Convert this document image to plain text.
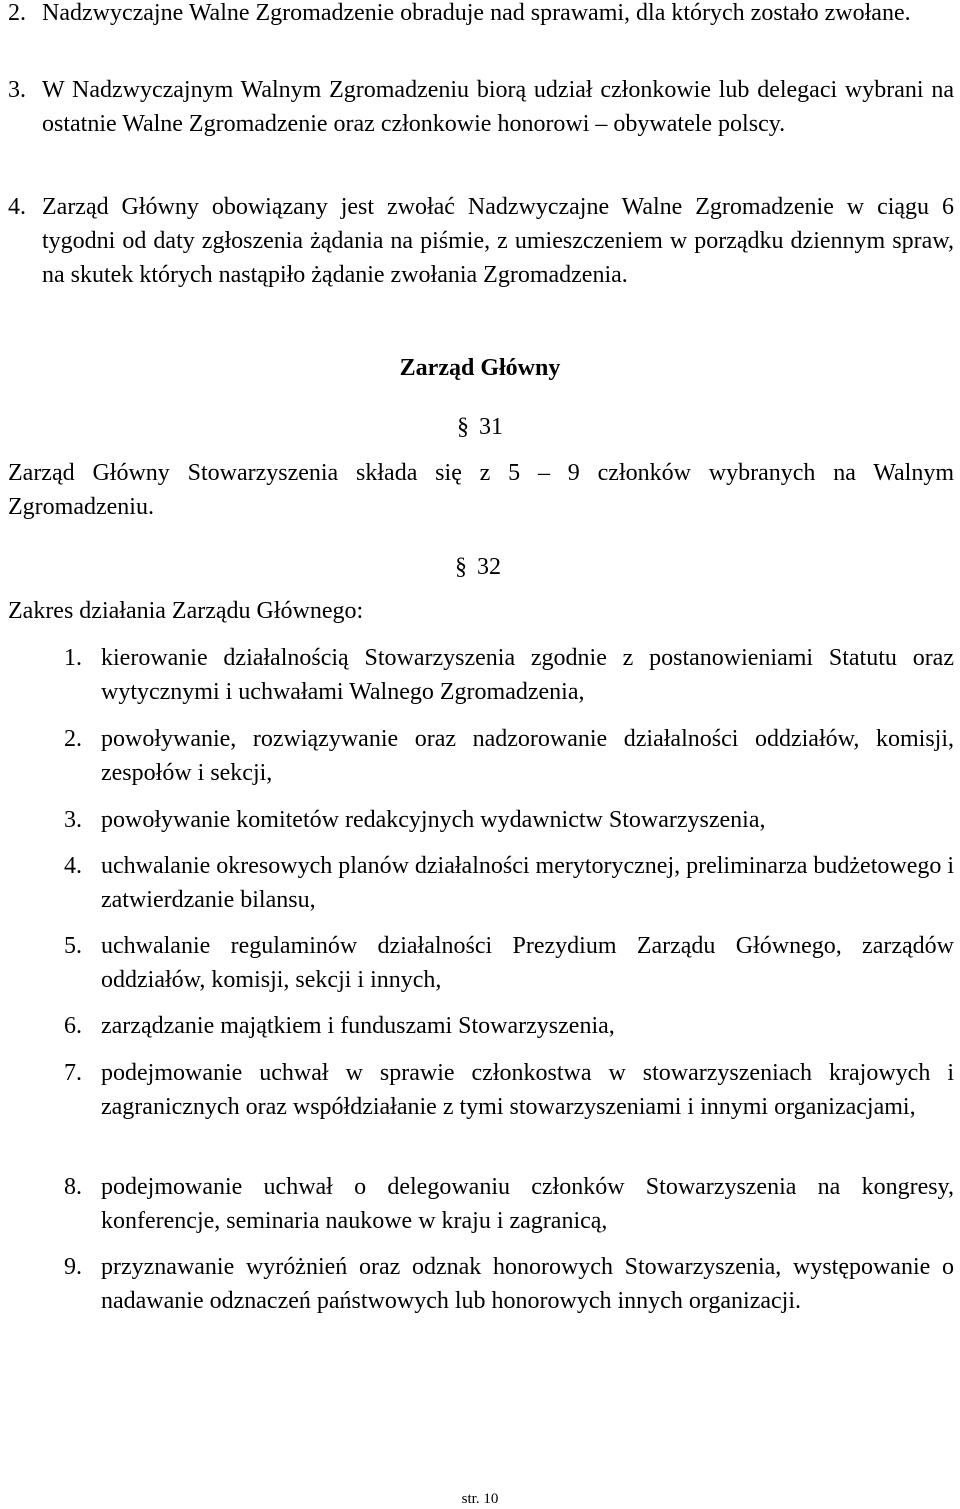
2. Nadzwyczajne Walne Zgromadzenie obraduje nad sprawami, dla których zostało zwołane.
3. W Nadzwyczajnym Walnym Zgromadzeniu biorą udział członkowie lub delegaci wybrani na ostatnie Walne Zgromadzenie oraz członkowie honorowi – obywatele polscy.
4. Zarząd Główny obowiązany jest zwołać Nadzwyczajne Walne Zgromadzenie w ciągu 6 tygodni od daty zgłoszenia żądania na piśmie, z umieszczeniem w porządku dziennym spraw, na skutek których nastąpiło żądanie zwołania Zgromadzenia.
Zarząd Główny
§ 31
Zarząd Główny Stowarzyszenia składa się z 5 – 9 członków wybranych na Walnym Zgromadzeniu.
§ 32
Zakres działania Zarządu Głównego:
1. kierowanie działalnością Stowarzyszenia zgodnie z postanowieniami Statutu oraz wytycznymi i uchwałami Walnego Zgromadzenia,
2. powoływanie, rozwiązywanie oraz nadzorowanie działalności oddziałów, komisji, zespołów i sekcji,
3. powoływanie komitetów redakcyjnych wydawnictw Stowarzyszenia,
4. uchwalanie okresowych planów działalności merytorycznej, preliminarza budżetowego i zatwierdzanie bilansu,
5. uchwalanie regulaminów działalności Prezydium Zarządu Głównego, zarządów oddziałów, komisji, sekcji i innych,
6. zarządzanie majątkiem i funduszami Stowarzyszenia,
7. podejmowanie uchwał w sprawie członkostwa w stowarzyszeniach krajowych i zagranicznych oraz współdziałanie z tymi stowarzyszeniami i innymi organizacjami,
8. podejmowanie uchwał o delegowaniu członków Stowarzyszenia na kongresy, konferencje, seminaria naukowe w kraju i zagranicą,
9. przyznawanie wyróżnień oraz odznak honorowych Stowarzyszenia, występowanie o nadawanie odznaczeń państwowych lub honorowych innych organizacji.
str. 10
